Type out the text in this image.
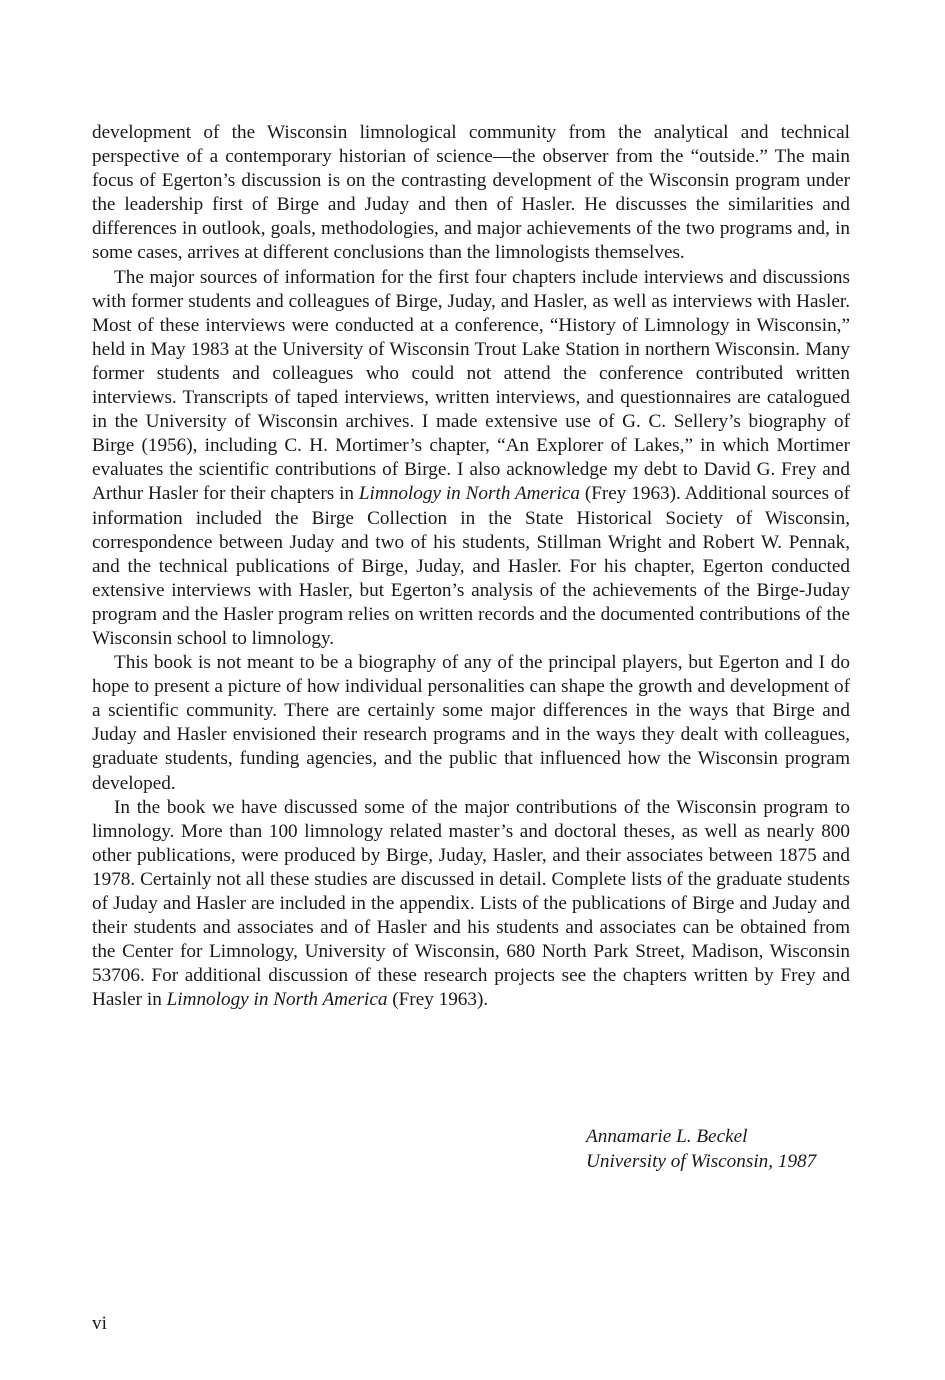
development of the Wisconsin limnological community from the analytical and technical perspective of a contemporary historian of science—the observer from the “outside.” The main focus of Egerton’s discussion is on the contrasting development of the Wisconsin program under the leadership first of Birge and Juday and then of Hasler. He discusses the similarities and differences in outlook, goals, methodologies, and major achievements of the two programs and, in some cases, arrives at different conclusions than the limnologists themselves.

The major sources of information for the first four chapters include interviews and discussions with former students and colleagues of Birge, Juday, and Hasler, as well as interviews with Hasler. Most of these interviews were conducted at a conference, “History of Limnology in Wisconsin,” held in May 1983 at the University of Wisconsin Trout Lake Station in northern Wisconsin. Many former students and colleagues who could not attend the conference contributed written interviews. Transcripts of taped interviews, written interviews, and questionnaires are catalogued in the University of Wisconsin archives. I made extensive use of G. C. Sellery’s biography of Birge (1956), including C. H. Mortimer’s chapter, “An Explorer of Lakes,” in which Mortimer evaluates the scientific contributions of Birge. I also acknowledge my debt to David G. Frey and Arthur Hasler for their chapters in Limnology in North America (Frey 1963). Additional sources of information included the Birge Collection in the State Historical Society of Wisconsin, correspondence between Juday and two of his students, Stillman Wright and Robert W. Pennak, and the technical publications of Birge, Juday, and Hasler. For his chapter, Egerton conducted extensive interviews with Hasler, but Egerton’s analysis of the achievements of the Birge-Juday program and the Hasler program relies on written records and the documented contributions of the Wisconsin school to limnology.

This book is not meant to be a biography of any of the principal players, but Egerton and I do hope to present a picture of how individual personalities can shape the growth and development of a scientific community. There are certainly some major differences in the ways that Birge and Juday and Hasler envisioned their research programs and in the ways they dealt with colleagues, graduate students, funding agencies, and the public that influenced how the Wisconsin program developed.

In the book we have discussed some of the major contributions of the Wisconsin program to limnology. More than 100 limnology related master’s and doctoral theses, as well as nearly 800 other publications, were produced by Birge, Juday, Hasler, and their associates between 1875 and 1978. Certainly not all these studies are discussed in detail. Complete lists of the graduate students of Juday and Hasler are included in the appendix. Lists of the publications of Birge and Juday and their students and associates and of Hasler and his students and associates can be obtained from the Center for Limnology, University of Wisconsin, 680 North Park Street, Madison, Wisconsin 53706. For additional discussion of these research projects see the chapters written by Frey and Hasler in Limnology in North America (Frey 1963).

Annamarie L. Beckel
University of Wisconsin, 1987
vi
